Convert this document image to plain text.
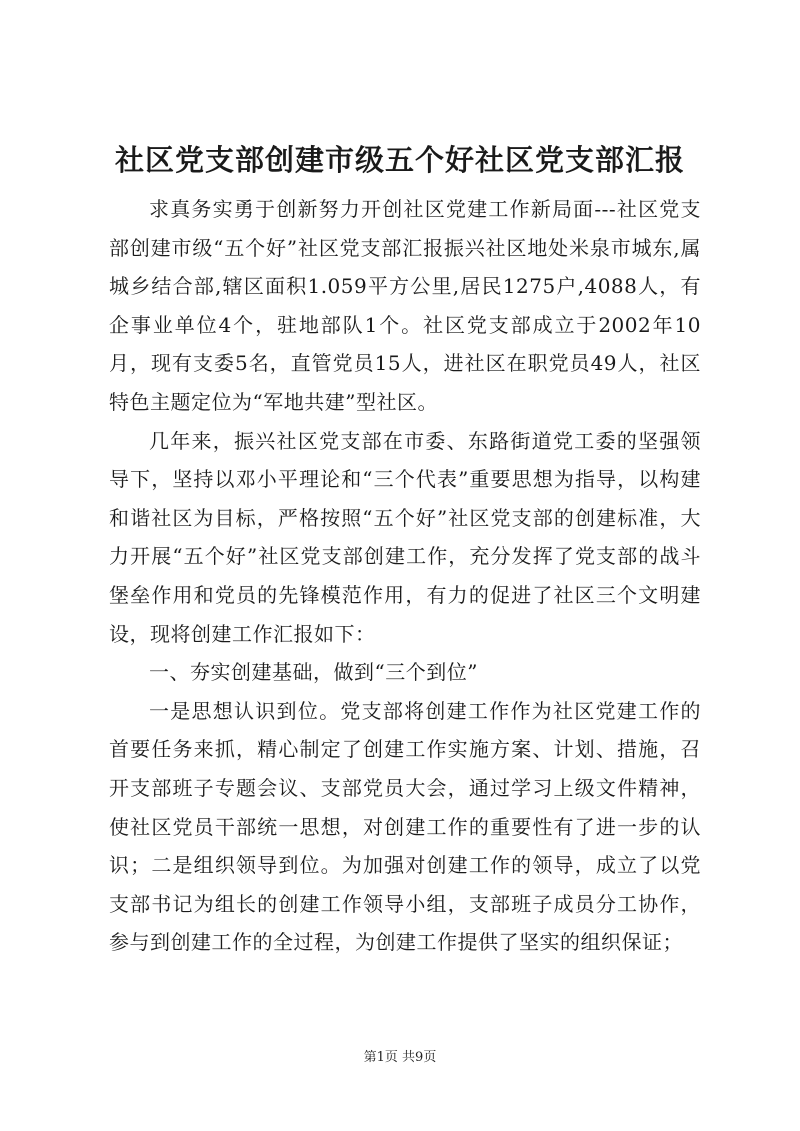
社区党支部创建市级五个好社区党支部汇报

求真务实勇于创新努力开创社区党建工作新局面---社区党支部创建市级“五个好”社区党支部汇报振兴社区地处米泉市城东,属城乡结合部,辖区面积1.059平方公里,居民1275户,4088人，有企事业单位4个，驻地部队1个。社区党支部成立于2002年10月，现有支委5名，直管党员15人，进社区在职党员49人，社区特色主题定位为“军地共建”型社区。

几年来，振兴社区党支部在市委、东路街道党工委的坚强领导下，坚持以邓小平理论和“三个代表”重要思想为指导，以构建和谐社区为目标，严格按照“五个好”社区党支部的创建标准，大力开展“五个好”社区党支部创建工作，充分发挥了党支部的战斗堡垒作用和党员的先锋模范作用，有力的促进了社区三个文明建设，现将创建工作汇报如下：

一、夯实创建基础，做到“三个到位”

一是思想认识到位。党支部将创建工作作为社区党建工作的首要任务来抓，精心制定了创建工作实施方案、计划、措施，召开支部班子专题会议、支部党员大会，通过学习上级文件精神，使社区党员干部统一思想，对创建工作的重要性有了进一步的认识；二是组织领导到位。为加强对创建工作的领导，成立了以党支部书记为组长的创建工作领导小组，支部班子成员分工协作，参与到创建工作的全过程，为创建工作提供了坚实的组织保证；

第1页 共9页
